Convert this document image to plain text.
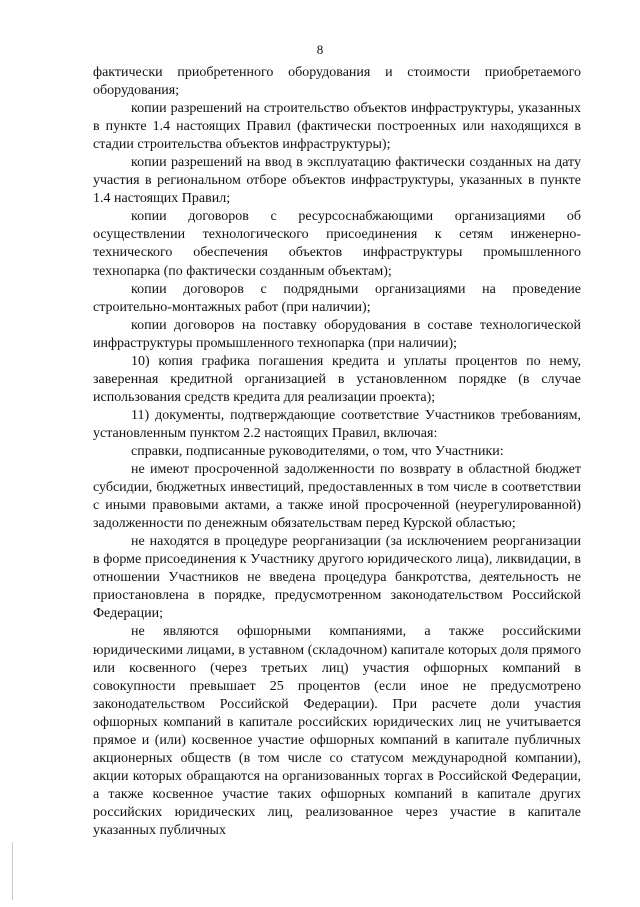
8

фактически приобретенного оборудования и стоимости приобретаемого оборудования;

копии разрешений на строительство объектов инфраструктуры, указанных в пункте 1.4 настоящих Правил (фактически построенных или находящихся в стадии строительства объектов инфраструктуры);

копии разрешений на ввод в эксплуатацию фактически созданных на дату участия в региональном отборе объектов инфраструктуры, указанных в пункте 1.4 настоящих Правил;

копии договоров с ресурсоснабжающими организациями об осуществлении технологического присоединения к сетям инженерно-технического обеспечения объектов инфраструктуры промышленного технопарка (по фактически созданным объектам);

копии договоров с подрядными организациями на проведение строительно-монтажных работ (при наличии);

копии договоров на поставку оборудования в составе технологической инфраструктуры промышленного технопарка (при наличии);

10) копия графика погашения кредита и уплаты процентов по нему, заверенная кредитной организацией в установленном порядке (в случае использования средств кредита для реализации проекта);

11) документы, подтверждающие соответствие Участников требованиям, установленным пунктом 2.2 настоящих Правил, включая:

справки, подписанные руководителями, о том, что Участники:

не имеют просроченной задолженности по возврату в областной бюджет субсидии, бюджетных инвестиций, предоставленных в том числе в соответствии с иными правовыми актами, а также иной просроченной (неурегулированной) задолженности по денежным обязательствам перед Курской областью;

не находятся в процедуре реорганизации (за исключением реорганизации в форме присоединения к Участнику другого юридического лица), ликвидации, в отношении Участников не введена процедура банкротства, деятельность не приостановлена в порядке, предусмотренном законодательством Российской Федерации;

не являются офшорными компаниями, а также российскими юридическими лицами, в уставном (складочном) капитале которых доля прямого или косвенного (через третьих лиц) участия офшорных компаний в совокупности превышает 25 процентов (если иное не предусмотрено законодательством Российской Федерации). При расчете доли участия офшорных компаний в капитале российских юридических лиц не учитывается прямое и (или) косвенное участие офшорных компаний в капитале публичных акционерных обществ (в том числе со статусом международной компании), акции которых обращаются на организованных торгах в Российской Федерации, а также косвенное участие таких офшорных компаний в капитале других российских юридических лиц, реализованное через участие в капитале указанных публичных
